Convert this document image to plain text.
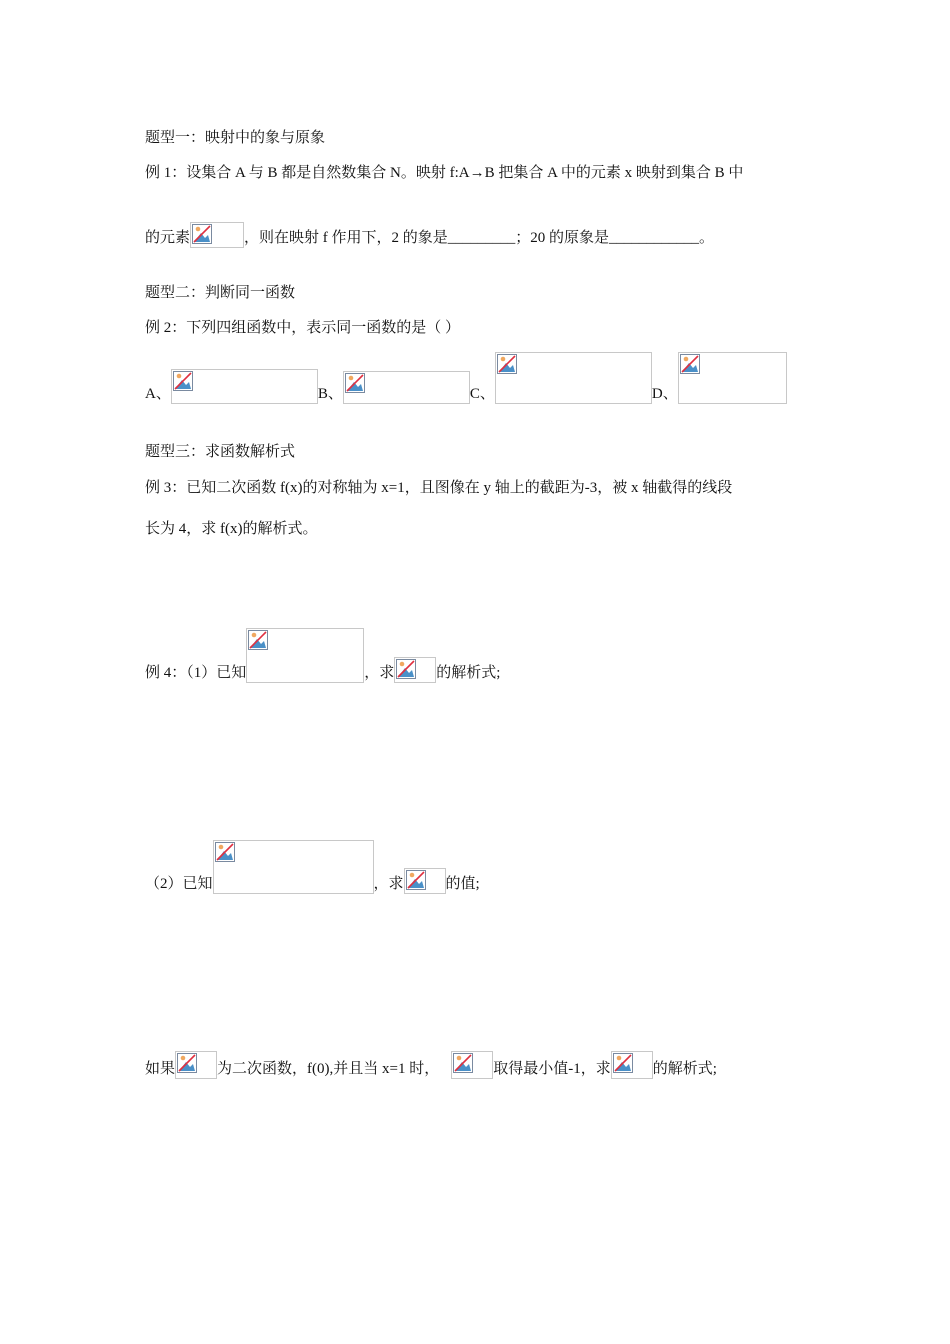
题型一：映射中的象与原象
例 1：设集合 A 与 B 都是自然数集合 N。映射 f:A→B 把集合 A 中的元素 x 映射到集合 B 中
的元素	，则在映射 f 作用下，2 的象是_________；20 的原象是____________。
题型二：判断同一函数
例 2：下列四组函数中，表示同一函数的是（ ）
A、	B、	C、	D、
题型三：求函数解析式
例 3：已知二次函数 f(x)的对称轴为 x=1，且图像在 y 轴上的截距为-3，被 x 轴截得的线段
长为 4，求 f(x)的解析式。
例 4：（1）已知	，求	的解析式;
（2）已知	，求	的值;
如果	为二次函数，f(0),并且当 x=1 时，	取得最小值-1，求	的解析式;
